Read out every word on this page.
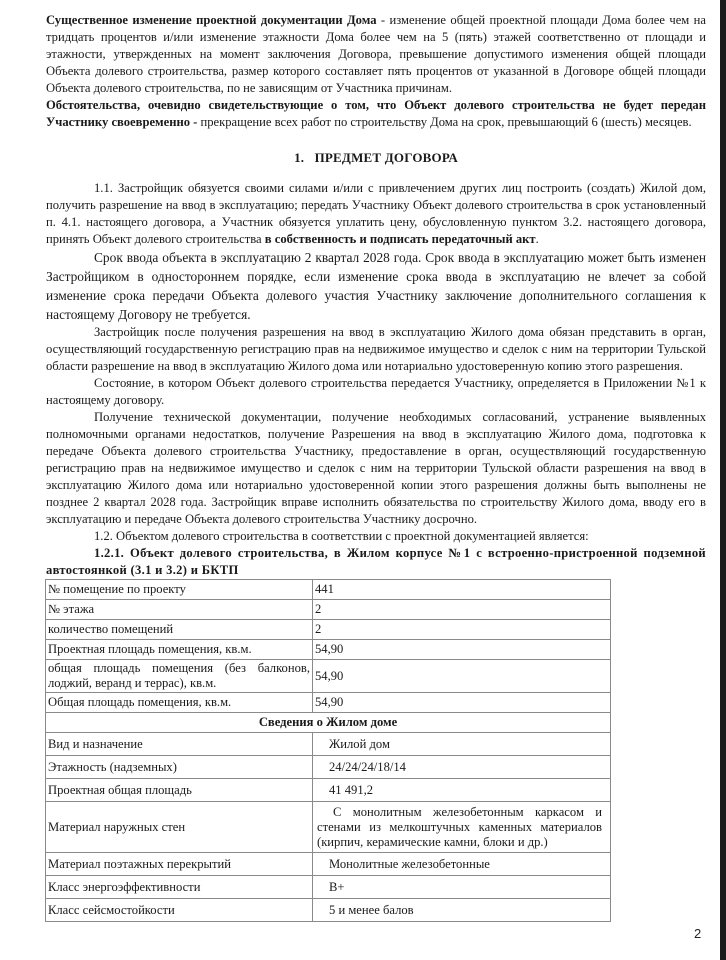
Существенное изменение проектной документации Дома - изменение общей проектной площади Дома более чем на тридцать процентов и/или изменение этажности Дома более чем на 5 (пять) этажей соответственно от площади и этажности, утвержденных на момент заключения Договора, превышение допустимого изменения общей площади Объекта долевого строительства, размер которого составляет пять процентов от указанной в Договоре общей площади Объекта долевого строительства, по не зависящим от Участника причинам.

Обстоятельства, очевидно свидетельствующие о том, что Объект долевого строительства не будет передан Участнику своевременно - прекращение всех работ по строительству Дома на срок, превышающий 6 (шесть) месяцев.

1. ПРЕДМЕТ ДОГОВОРА

1.1. Застройщик обязуется своими силами и/или с привлечением других лиц построить (создать) Жилой дом, получить разрешение на ввод в эксплуатацию; передать Участнику Объект долевого строительства в срок установленный п. 4.1. настоящего договора, а Участник обязуется уплатить цену, обусловленную пунктом 3.2. настоящего договора, принять Объект долевого строительства в собственность и подписать передаточный акт.

Срок ввода объекта в эксплуатацию 2 квартал 2028 года. Срок ввода в эксплуатацию может быть изменен Застройщиком в одностороннем порядке, если изменение срока ввода в эксплуатацию не влечет за собой изменение срока передачи Объекта долевого участия Участнику заключение дополнительного соглашения к настоящему Договору не требуется.

Застройщик после получения разрешения на ввод в эксплуатацию Жилого дома обязан представить в орган, осуществляющий государственную регистрацию прав на недвижимое имущество и сделок с ним на территории Тульской области разрешение на ввод в эксплуатацию Жилого дома или нотариально удостоверенную копию этого разрешения.

Состояние, в котором Объект долевого строительства передается Участнику, определяется в Приложении №1 к настоящему договору.

Получение технической документации, получение необходимых согласований, устранение выявленных полномочными органами недостатков, получение Разрешения на ввод в эксплуатацию Жилого дома, подготовка к передаче Объекта долевого строительства Участнику, предоставление в орган, осуществляющий государственную регистрацию прав на недвижимое имущество и сделок с ним на территории Тульской области разрешения на ввод в эксплуатацию Жилого дома или нотариально удостоверенной копии этого разрешения должны быть выполнены не позднее 2 квартал 2028 года. Застройщик вправе исполнить обязательства по строительству Жилого дома, вводу его в эксплуатацию и передаче Объекта долевого строительства Участнику досрочно.

1.2. Объектом долевого строительства в соответствии с проектной документацией является:

1.2.1. Объект долевого строительства, в Жилом корпусе №1 с встроенно-пристроенной подземной автостоянкой (3.1 и 3.2) и БКТП

№ помещение по проекту	441
№ этажа	2
количество помещений	2
Проектная площадь помещения, кв.м.	54,90
общая площадь помещения (без балконов, лоджий, веранд и террас), кв.м.	54,90
Общая площадь помещения, кв.м.	54,90
Сведения о Жилом доме	
Вид и назначение	Жилой дом
Этажность (надземных)	24/24/24/18/14
Проектная общая площадь	41 491,2
Материал наружных стен	С монолитным железобетонным каркасом и стенами из мелкоштучных каменных материалов (кирпич, керамические камни, блоки и др.)
Материал поэтажных перекрытий	Монолитные железобетонные
Класс энергоэффективности	В+
Класс сейсмостойкости	5 и менее балов
2
